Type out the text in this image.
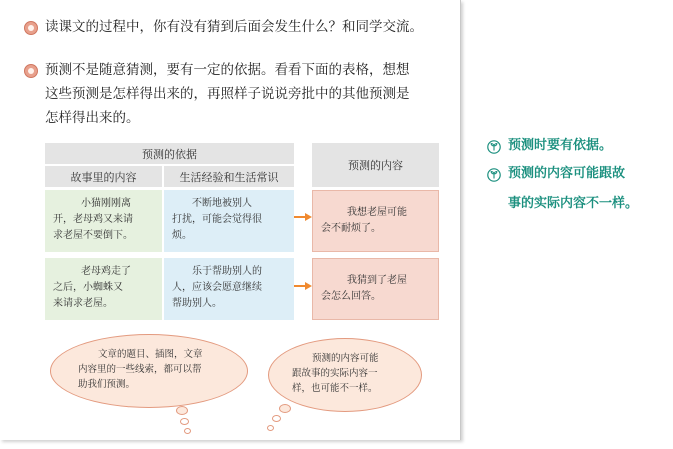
读课文的过程中，你有没有猜到后面会发生什么？和同学交流。
预测不是随意猜测，要有一定的依据。看看下面的表格，想想
这些预测是怎样得出来的，再照样子说说旁批中的其他预测是
怎样得出来的。
预测的依据
故事里的内容	生活经验和生活常识
预测的内容
小猫刚刚离
开，老母鸡又来请
求老屋不要倒下。
不断地被别人
打扰，可能会觉得很
烦。
我想老屋可能
会不耐烦了。
老母鸡走了
之后，小蜘蛛又
来请求老屋。
乐于帮助别人的
人，应该会愿意继续
帮助别人。
我猜到了老屋
会怎么回答。
文章的题目、插图，文章
内容里的一些线索，都可以帮
助我们预测。
预测的内容可能
跟故事的实际内容一
样，也可能不一样。
预测时要有依据。
预测的内容可能跟故
事的实际内容不一样。
